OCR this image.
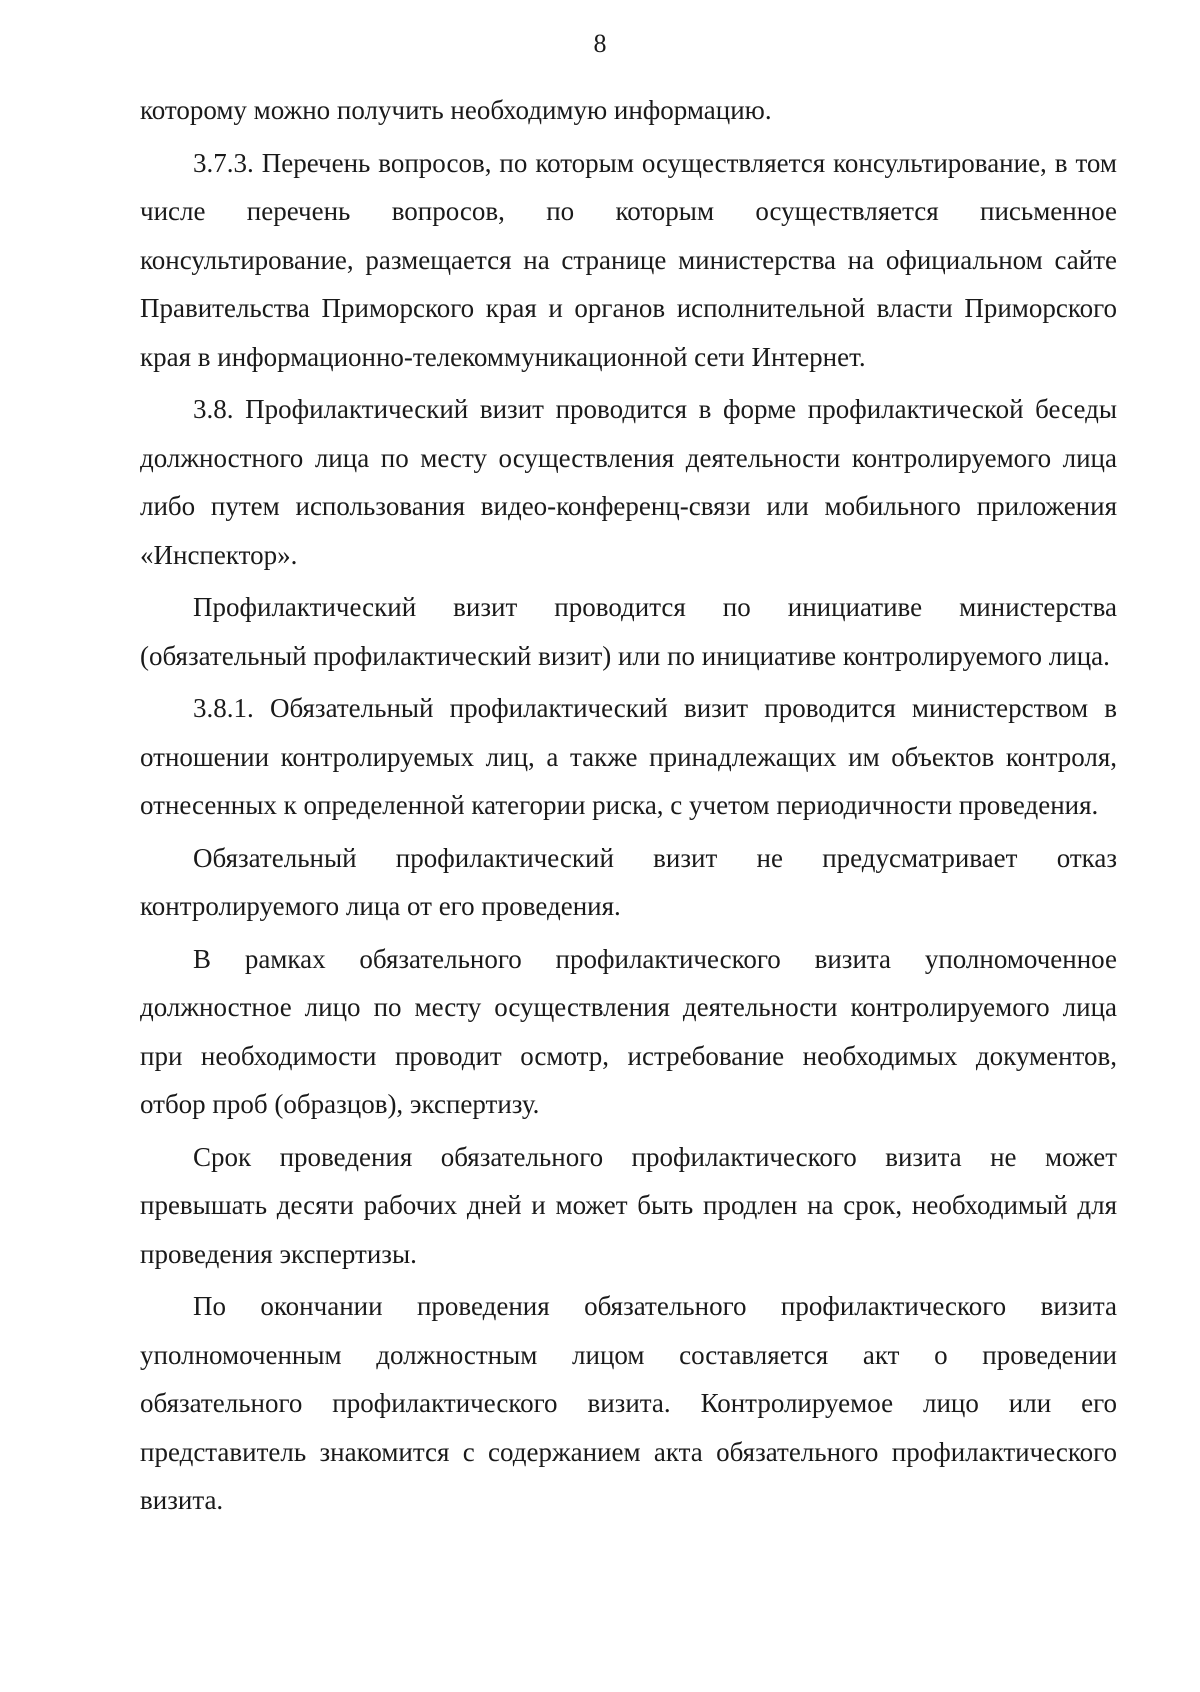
8

которому можно получить необходимую информацию.

3.7.3. Перечень вопросов, по которым осуществляется консультирование, в том числе перечень вопросов, по которым осуществляется письменное консультирование, размещается на странице министерства на официальном сайте Правительства Приморского края и органов исполнительной власти Приморского края в информационно-телекоммуникационной сети Интернет.

3.8. Профилактический визит проводится в форме профилактической беседы должностного лица по месту осуществления деятельности контролируемого лица либо путем использования видео-конференц-связи или мобильного приложения «Инспектор».

Профилактический визит проводится по инициативе министерства (обязательный профилактический визит) или по инициативе контролируемого лица.

3.8.1. Обязательный профилактический визит проводится министерством в отношении контролируемых лиц, а также принадлежащих им объектов контроля, отнесенных к определенной категории риска, с учетом периодичности проведения.

Обязательный профилактический визит не предусматривает отказ контролируемого лица от его проведения.

В рамках обязательного профилактического визита уполномоченное должностное лицо по месту осуществления деятельности контролируемого лица при необходимости проводит осмотр, истребование необходимых документов, отбор проб (образцов), экспертизу.

Срок проведения обязательного профилактического визита не может превышать десяти рабочих дней и может быть продлен на срок, необходимый для проведения экспертизы.

По окончании проведения обязательного профилактического визита уполномоченным должностным лицом составляется акт о проведении обязательного профилактического визита. Контролируемое лицо или его представитель знакомится с содержанием акта обязательного профилактического визита.
